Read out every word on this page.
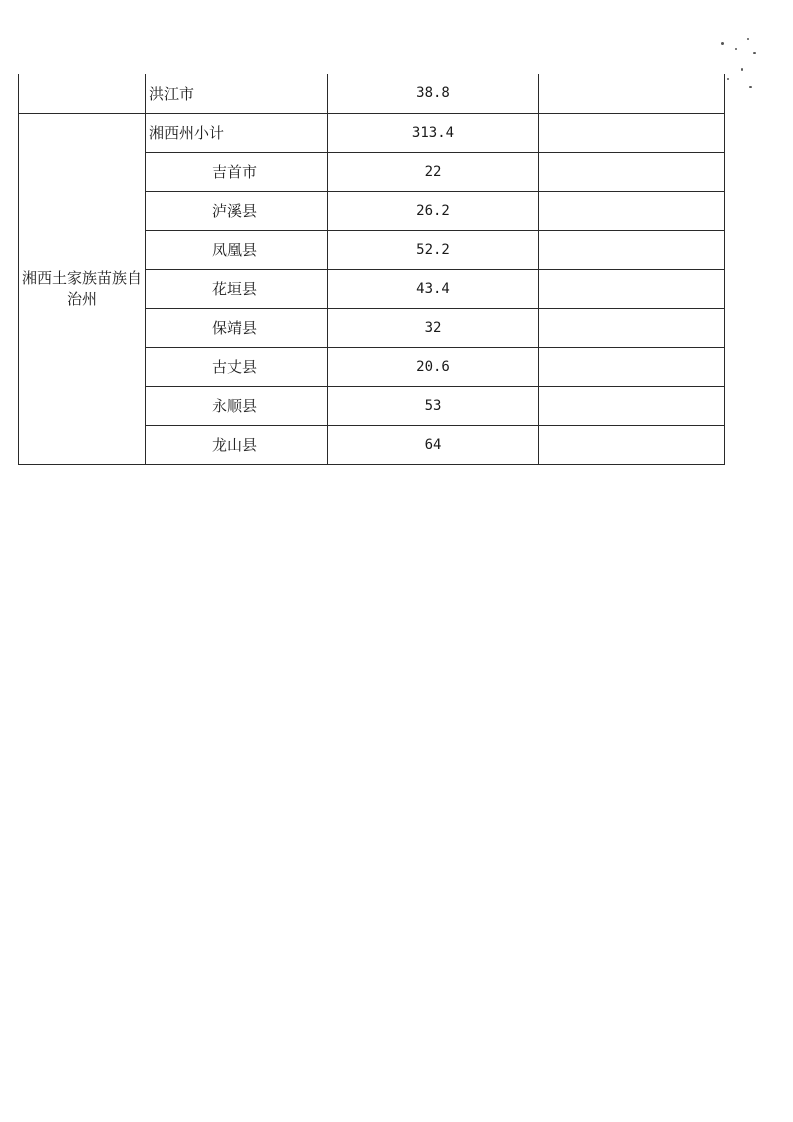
	洪江市	38.8	
湘西土家族苗族自治州	湘西州小计	313.4	
	吉首市	22	
	泸溪县	26.2	
	凤凰县	52.2	
	花垣县	43.4	
	保靖县	32	
	古丈县	20.6	
	永顺县	53	
	龙山县	64	
